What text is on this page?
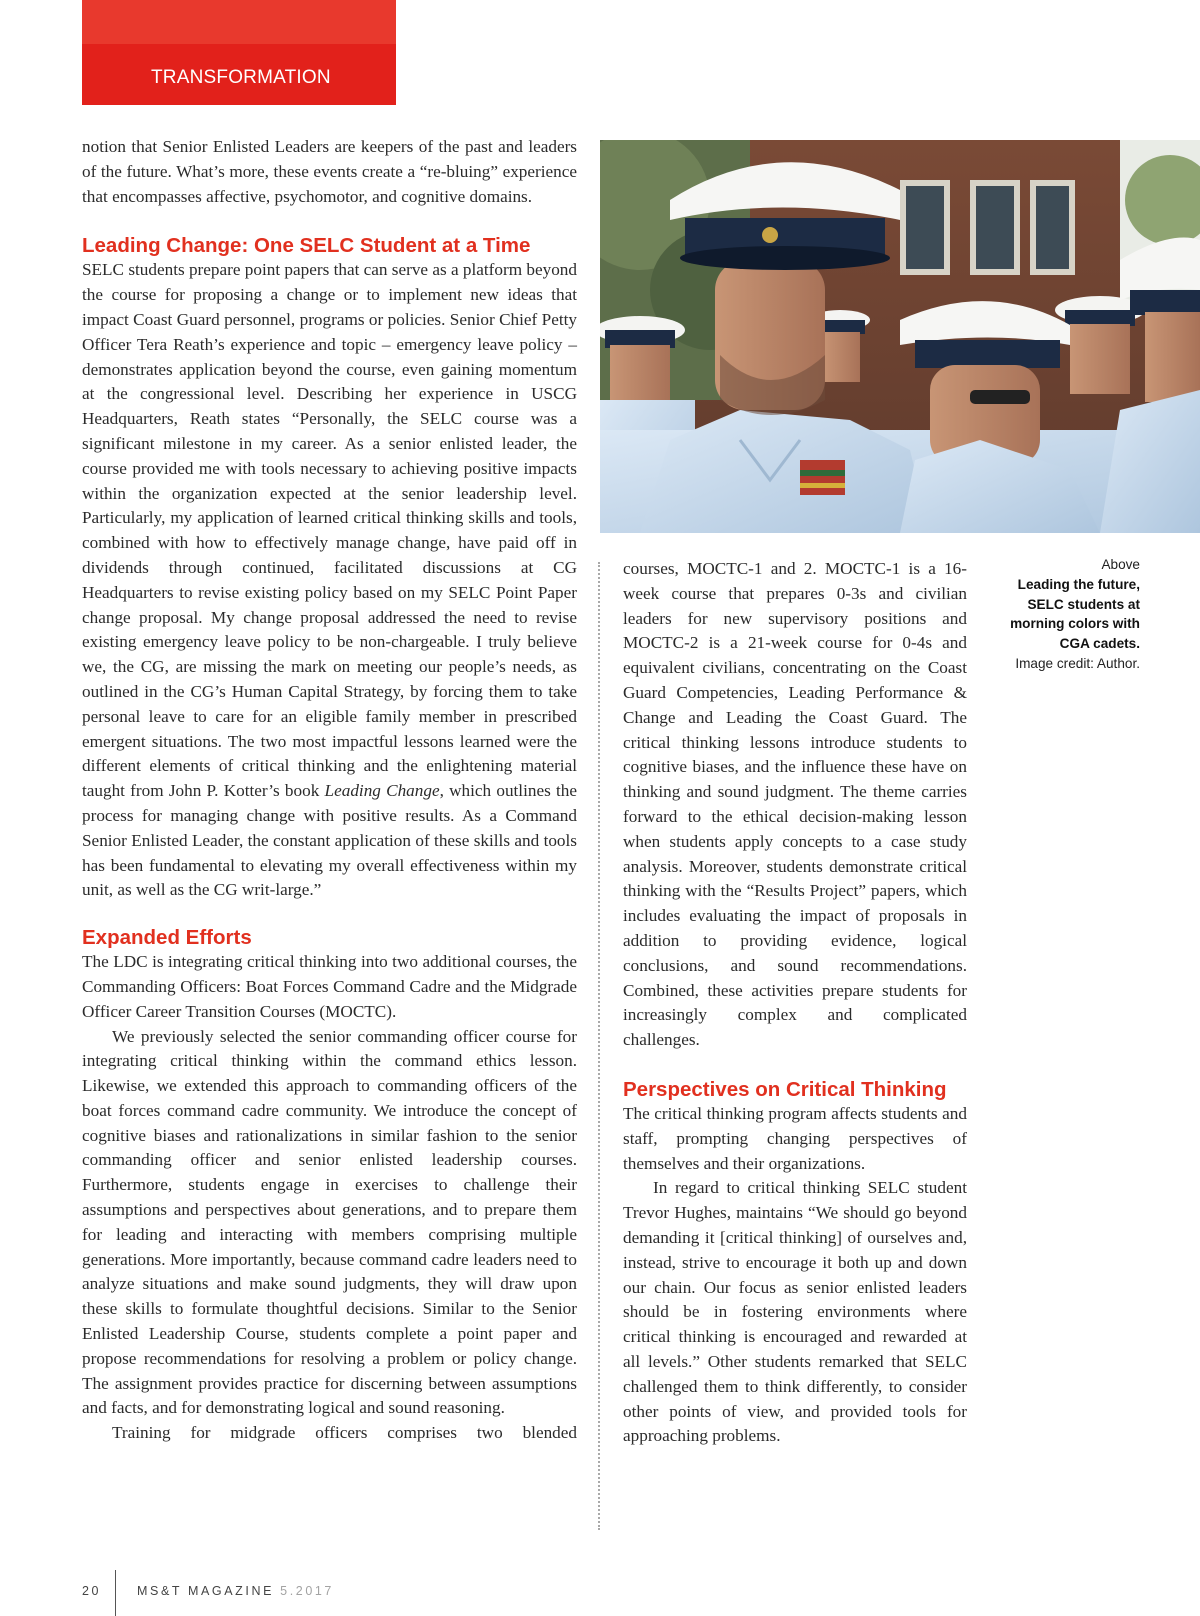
TRANSFORMATION

notion that Senior Enlisted Leaders are keepers of the past and leaders of the future. What’s more, these events create a “re-bluing” experience that encompasses affective, psychomotor, and cognitive domains.

Leading Change: One SELC Student at a Time

SELC students prepare point papers that can serve as a platform beyond the course for proposing a change or to implement new ideas that impact Coast Guard personnel, programs or policies. Senior Chief Petty Officer Tera Reath’s experience and topic – emergency leave policy – demonstrates application beyond the course, even gaining momentum at the congressional level. Describing her experience in USCG Headquarters, Reath states “Personally, the SELC course was a significant milestone in my career. As a senior enlisted leader, the course provided me with tools necessary to achieving positive impacts within the organization expected at the senior leadership level. Particularly, my application of learned critical thinking skills and tools, combined with how to effectively manage change, have paid off in dividends through continued, facilitated discussions at CG Headquarters to revise existing policy based on my SELC Point Paper change proposal. My change proposal addressed the need to revise existing emergency leave policy to be non-chargeable. I truly believe we, the CG, are missing the mark on meeting our people’s needs, as outlined in the CG’s Human Capital Strategy, by forcing them to take personal leave to care for an eligible family member in prescribed emergent situations. The two most impactful lessons learned were the different elements of critical thinking and the enlightening material taught from John P. Kotter’s book Leading Change, which outlines the process for managing change with positive results. As a Command Senior Enlisted Leader, the constant application of these skills and tools has been fundamental to elevating my overall effectiveness within my unit, as well as the CG writ-large.”

Expanded Efforts

The LDC is integrating critical thinking into two additional courses, the Commanding Officers: Boat Forces Command Cadre and the Midgrade Officer Career Transition Courses (MOCTC).

We previously selected the senior commanding officer course for integrating critical thinking within the command ethics lesson. Likewise, we extended this approach to commanding officers of the boat forces command cadre community. We introduce the concept of cognitive biases and rationalizations in similar fashion to the senior commanding officer and senior enlisted leadership courses. Furthermore, students engage in exercises to challenge their assumptions and perspectives about generations, and to prepare them for leading and interacting with members comprising multiple generations. More importantly, because command cadre leaders need to analyze situations and make sound judgments, they will draw upon these skills to formulate thoughtful decisions. Similar to the Senior Enlisted Leadership Course, students complete a point paper and propose recommendations for resolving a problem or policy change. The assignment provides practice for discerning between assumptions and facts, and for demonstrating logical and sound reasoning.

Training for midgrade officers comprises two blended

courses, MOCTC-1 and 2. MOCTC-1 is a 16-week course that prepares 0-3s and civilian leaders for new supervisory positions and MOCTC-2 is a 21-week course for 0-4s and equivalent civilians, concentrating on the Coast Guard Competencies, Leading Performance & Change and Leading the Coast Guard. The critical thinking lessons introduce students to cognitive biases, and the influence these have on thinking and sound judgment. The theme carries forward to the ethical decision-making lesson when students apply concepts to a case study analysis. Moreover, students demonstrate critical thinking with the “Results Project” papers, which includes evaluating the impact of proposals in addition to providing evidence, logical conclusions, and sound recommendations. Combined, these activities prepare students for increasingly complex and complicated challenges.

Perspectives on Critical Thinking

The critical thinking program affects students and staff, prompting changing perspectives of themselves and their organizations.

In regard to critical thinking SELC student Trevor Hughes, maintains “We should go beyond demanding it [critical thinking] of ourselves and, instead, strive to encourage it both up and down our chain. Our focus as senior enlisted leaders should be in fostering environments where critical thinking is encouraged and rewarded at all levels.” Other students remarked that SELC challenged them to think differently, to consider other points of view, and provided tools for approaching problems.

Above
Leading the future, SELC students at morning colors with CGA cadets.
Image credit: Author.
20	MS&T MAGAZINE 5.2017
